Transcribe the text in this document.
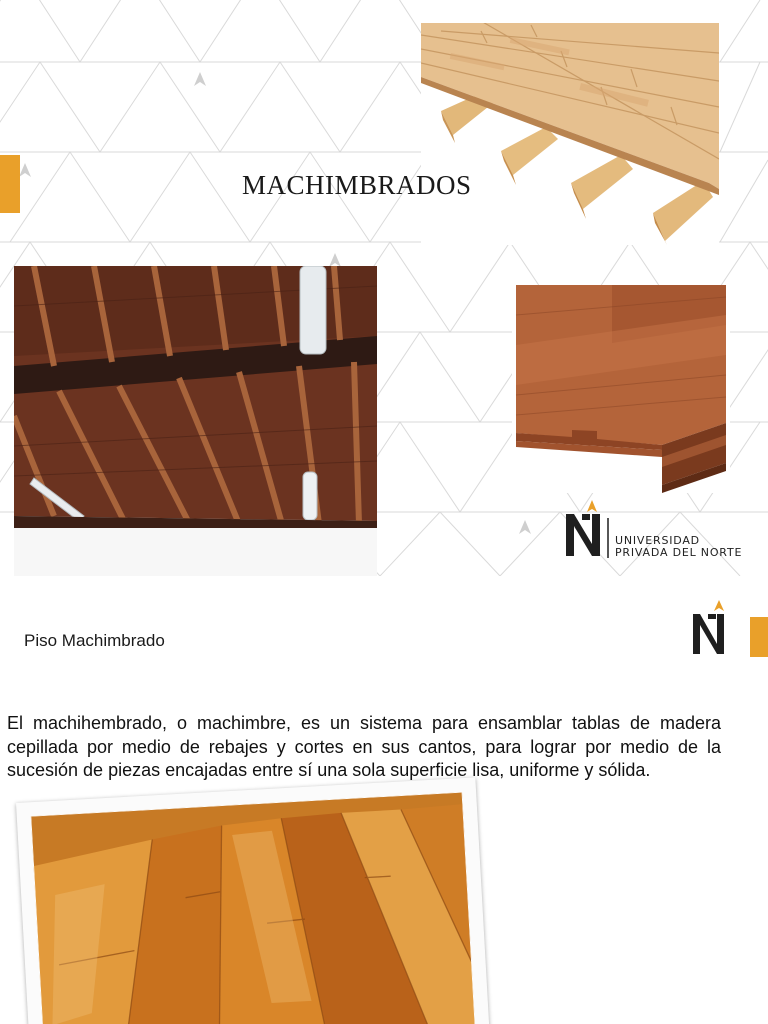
MACHIMBRADOS
UNIVERSIDAD
PRIVADA DEL NORTE
Piso Machimbrado

El machihembrado, o machimbre, es un sistema para ensamblar tablas de madera cepillada por medio de rebajes y cortes en sus cantos, para lograr por medio de la sucesión de piezas encajadas entre sí una sola superficie lisa, uniforme y sólida.
